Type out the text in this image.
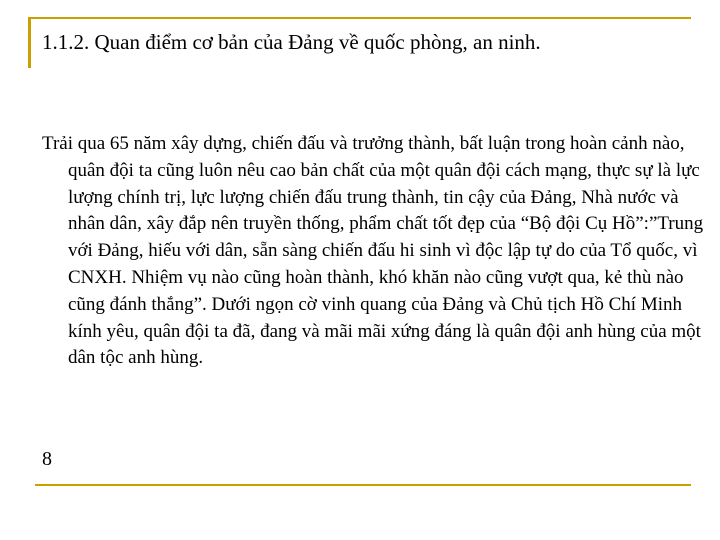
1.1.2. Quan điểm cơ bản của Đảng về quốc phòng, an ninh.

Trải qua 65 năm xây dựng, chiến đấu và trưởng thành, bất luận trong hoàn cảnh nào, quân đội ta cũng luôn nêu cao bản chất của một quân đội cách mạng, thực sự là lực lượng chính trị, lực lượng chiến đấu trung thành, tin cậy của Đảng, Nhà nước và nhân dân, xây đắp nên truyền thống, phẩm chất tốt đẹp của “Bộ đội Cụ Hồ”:”Trung với Đảng, hiếu với dân, sẵn sàng chiến đấu hi sinh vì độc lập tự do của Tổ quốc, vì CNXH. Nhiệm vụ nào cũng hoàn thành, khó khăn nào cũng vượt qua, kẻ thù nào cũng đánh thắng”. Dưới ngọn cờ vinh quang của Đảng và Chủ tịch Hồ Chí Minh kính yêu, quân đội ta đã, đang và mãi mãi xứng đáng là quân đội anh hùng của một dân tộc anh hùng.

8
